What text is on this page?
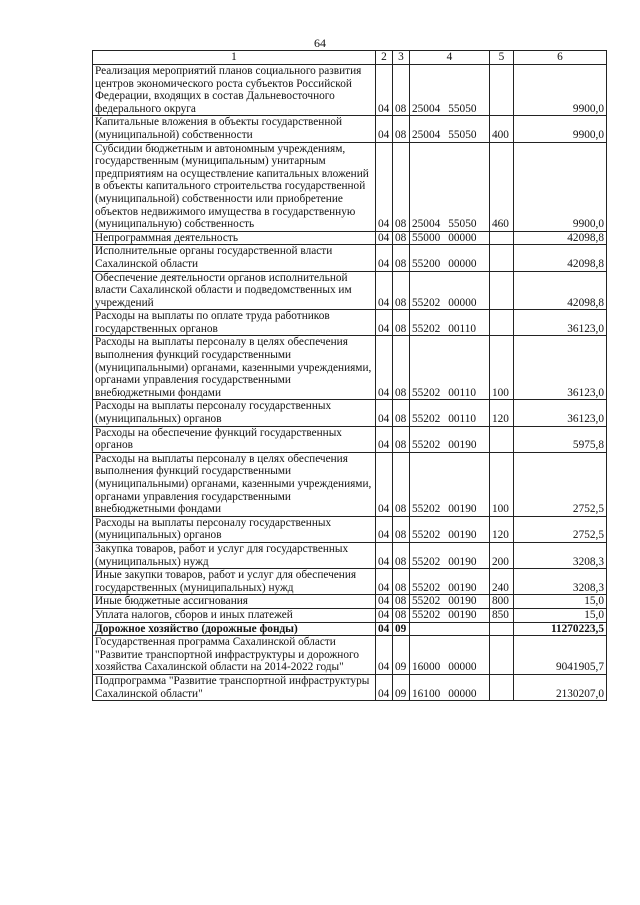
64
1	2	3	4	5	6
Реализация мероприятий планов социального развития центров экономического роста субъектов Российской Федерации, входящих в состав Дальневосточного федерального округа	04	08	25004 55050		9900,0
Капитальные вложения в объекты государственной (муниципальной) собственности	04	08	25004 55050	400	9900,0
Субсидии бюджетным и автономным учреждениям, государственным (муниципальным) унитарным предприятиям на осуществление капитальных вложений в объекты капитального строительства государственной (муниципальной) собственности или приобретение объектов недвижимого имущества в государственную (муниципальную) собственность	04	08	25004 55050	460	9900,0
Непрограммная деятельность	04	08	55000 00000		42098,8
Исполнительные органы государственной власти Сахалинской области	04	08	55200 00000		42098,8
Обеспечение деятельности органов исполнительной власти Сахалинской области и подведомственных им учреждений	04	08	55202 00000		42098,8
Расходы на выплаты по оплате труда работников государственных органов	04	08	55202 00110		36123,0
Расходы на выплаты персоналу в целях обеспечения выполнения функций государственными (муниципальными) органами, казенными учреждениями, органами управления государственными внебюджетными фондами	04	08	55202 00110	100	36123,0
Расходы на выплаты персоналу государственных (муниципальных) органов	04	08	55202 00110	120	36123,0
Расходы на обеспечение функций государственных органов	04	08	55202 00190		5975,8
Расходы на выплаты персоналу в целях обеспечения выполнения функций государственными (муниципальными) органами, казенными учреждениями, органами управления государственными внебюджетными фондами	04	08	55202 00190	100	2752,5
Расходы на выплаты персоналу государственных (муниципальных) органов	04	08	55202 00190	120	2752,5
Закупка товаров, работ и услуг для государственных (муниципальных) нужд	04	08	55202 00190	200	3208,3
Иные закупки товаров, работ и услуг для обеспечения государственных (муниципальных) нужд	04	08	55202 00190	240	3208,3
Иные бюджетные ассигнования	04	08	55202 00190	800	15,0
Уплата налогов, сборов и иных платежей	04	08	55202 00190	850	15,0
Дорожное хозяйство (дорожные фонды)	04	09			11270223,5
Государственная программа Сахалинской области "Развитие транспортной инфраструктуры и дорожного хозяйства Сахалинской области на 2014-2022 годы"	04	09	16000 00000		9041905,7
Подпрограмма "Развитие транспортной инфраструктуры Сахалинской области"	04	09	16100 00000		2130207,0
